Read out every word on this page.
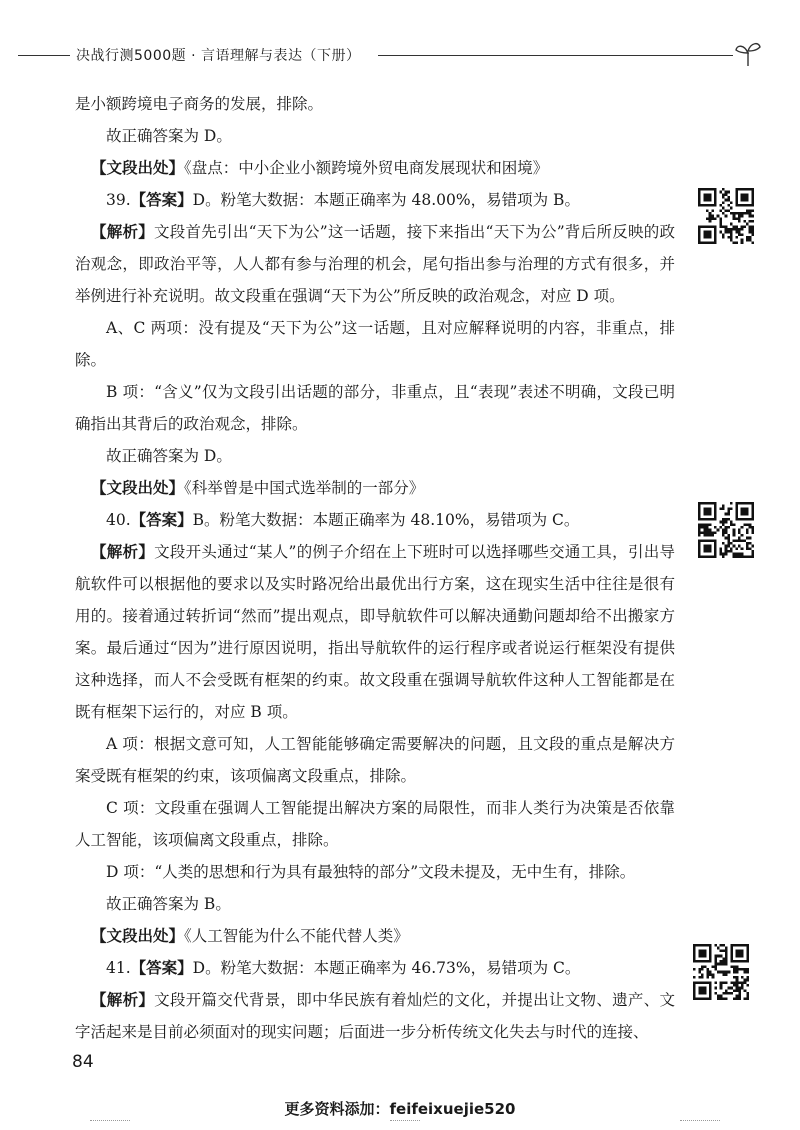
决战行测5000题 · 言语理解与表达（下册）

是小额跨境电子商务的发展，排除。

故正确答案为 D。

【文段出处】《盘点：中小企业小额跨境外贸电商发展现状和困境》

39.【答案】D。粉笔大数据：本题正确率为 48.00%，易错项为 B。

【解析】文段首先引出“天下为公”这一话题，接下来指出“天下为公”背后所反映的政治观念，即政治平等，人人都有参与治理的机会，尾句指出参与治理的方式有很多，并举例进行补充说明。故文段重在强调“天下为公”所反映的政治观念，对应 D 项。

A、C 两项：没有提及“天下为公”这一话题，且对应解释说明的内容，非重点，排除。

B 项：“含义”仅为文段引出话题的部分，非重点，且“表现”表述不明确，文段已明确指出其背后的政治观念，排除。

故正确答案为 D。

【文段出处】《科举曾是中国式选举制的一部分》

40.【答案】B。粉笔大数据：本题正确率为 48.10%，易错项为 C。

【解析】文段开头通过“某人”的例子介绍在上下班时可以选择哪些交通工具，引出导航软件可以根据他的要求以及实时路况给出最优出行方案，这在现实生活中往往是很有用的。接着通过转折词“然而”提出观点，即导航软件可以解决通勤问题却给不出搬家方案。最后通过“因为”进行原因说明，指出导航软件的运行程序或者说运行框架没有提供这种选择，而人不会受既有框架的约束。故文段重在强调导航软件这种人工智能都是在既有框架下运行的，对应 B 项。

A 项：根据文意可知，人工智能能够确定需要解决的问题，且文段的重点是解决方案受既有框架的约束，该项偏离文段重点，排除。

C 项：文段重在强调人工智能提出解决方案的局限性，而非人类行为决策是否依靠人工智能，该项偏离文段重点，排除。

D 项：“人类的思想和行为具有最独特的部分”文段未提及，无中生有，排除。

故正确答案为 B。

【文段出处】《人工智能为什么不能代替人类》

41.【答案】D。粉笔大数据：本题正确率为 46.73%，易错项为 C。

【解析】文段开篇交代背景，即中华民族有着灿烂的文化，并提出让文物、遗产、文字活起来是目前必须面对的现实问题；后面进一步分析传统文化失去与时代的连接、

84
更多资料添加：feifeixuejie520
